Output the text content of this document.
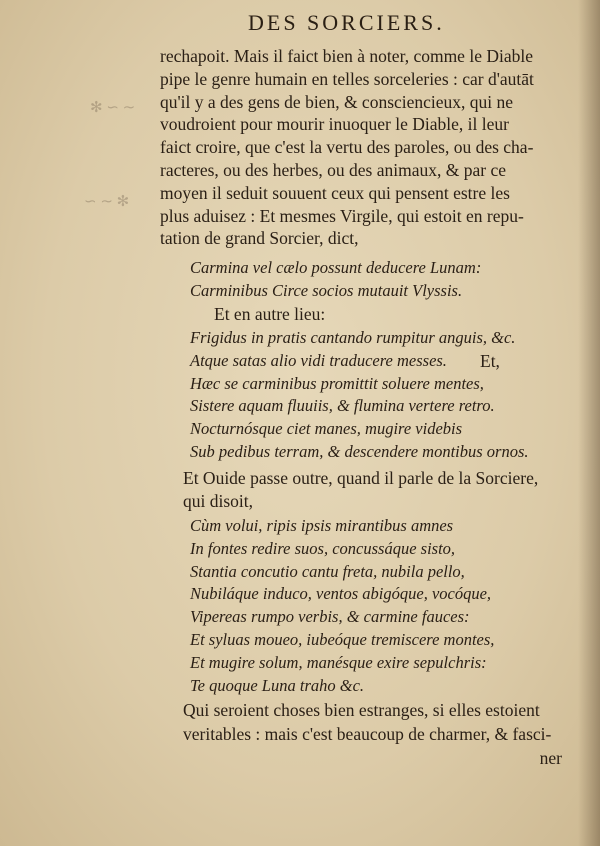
✻ ∽ ∼
∽ ∼ ✻
DES SORCIERS.
rechapoit. Mais il faict bien à noter, comme le Diable
pipe le genre humain en telles sorceleries : car d'autāt
qu'il y a des gens de bien, & consciencieux, qui ne
voudroient pour mourir inuoquer le Diable, il leur
faict croire, que c'est la vertu des paroles, ou des cha-
racteres, ou des herbes, ou des animaux, & par ce
moyen il seduit souuent ceux qui pensent estre les
plus aduisez : Et mesmes Virgile, qui estoit en repu-
tation de grand Sorcier, dict,
Carmina vel cælo possunt deducere Lunam:
Carminibus Circe socios mutauit Vlyssis.
Et en autre lieu:
Frigidus in pratis cantando rumpitur anguis, &c.
Atque satas alio vidi traducere messes.
Hæc se carminibus promittit soluere mentes,
Sistere aquam fluuiis, & flumina vertere retro.
Nocturnósque ciet manes, mugire videbis
Sub pedibus terram, & descendere montibus ornos.
Et Ouide passe outre, quand il parle de la Sorciere,
qui disoit,
Cùm volui, ripis ipsis mirantibus amnes
In fontes redire suos, concussáque sisto,
Stantia concutio cantu freta, nubila pello,
Nubiláque induco, ventos abigóque, vocóque,
Vipereas rumpo verbis, & carmine fauces:
Et syluas moueo, iubeóque tremiscere montes,
Et mugire solum, manésque exire sepulchris:
Te quoque Luna traho &c.
Qui seroient choses bien estranges, si elles estoient
veritables : mais c'est beaucoup de charmer, & fasci-
Et,
ner
